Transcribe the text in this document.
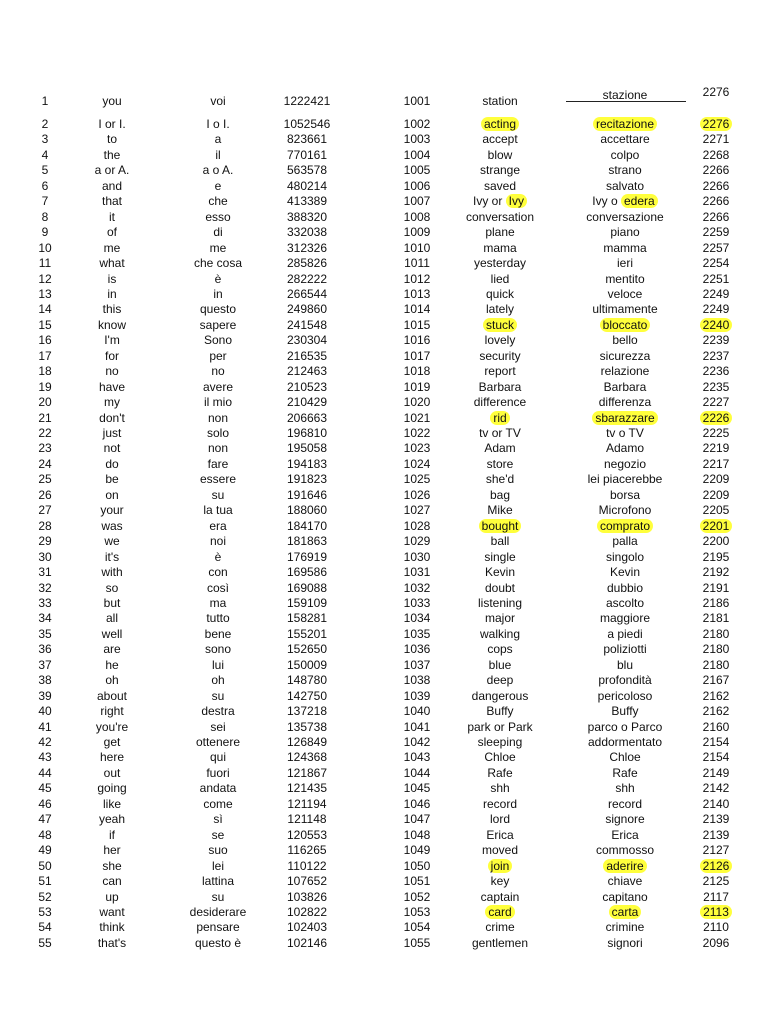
1	you	voi	1222421	1001	station	stazione	2276
2	I or I.	I o I.	1052546	1002	acting	recitazione	2276
3	to	a	823661	1003	accept	accettare	2271
4	the	il	770161	1004	blow	colpo	2268
5	a or A.	a o A.	563578	1005	strange	strano	2266
6	and	e	480214	1006	saved	salvato	2266
7	that	che	413389	1007	Ivy or Ivy	Ivy o edera	2266
8	it	esso	388320	1008	conversation	conversazione	2266
9	of	di	332038	1009	plane	piano	2259
10	me	me	312326	1010	mama	mamma	2257
11	what	che cosa	285826	1011	yesterday	ieri	2254
12	is	è	282222	1012	lied	mentito	2251
13	in	in	266544	1013	quick	veloce	2249
14	this	questo	249860	1014	lately	ultimamente	2249
15	know	sapere	241548	1015	stuck	bloccato	2240
16	I'm	Sono	230304	1016	lovely	bello	2239
17	for	per	216535	1017	security	sicurezza	2237
18	no	no	212463	1018	report	relazione	2236
19	have	avere	210523	1019	Barbara	Barbara	2235
20	my	il mio	210429	1020	difference	differenza	2227
21	don't	non	206663	1021	rid	sbarazzare	2226
22	just	solo	196810	1022	tv or TV	tv o TV	2225
23	not	non	195058	1023	Adam	Adamo	2219
24	do	fare	194183	1024	store	negozio	2217
25	be	essere	191823	1025	she'd	lei piacerebbe	2209
26	on	su	191646	1026	bag	borsa	2209
27	your	la tua	188060	1027	Mike	Microfono	2205
28	was	era	184170	1028	bought	comprato	2201
29	we	noi	181863	1029	ball	palla	2200
30	it's	è	176919	1030	single	singolo	2195
31	with	con	169586	1031	Kevin	Kevin	2192
32	so	così	169088	1032	doubt	dubbio	2191
33	but	ma	159109	1033	listening	ascolto	2186
34	all	tutto	158281	1034	major	maggiore	2181
35	well	bene	155201	1035	walking	a piedi	2180
36	are	sono	152650	1036	cops	poliziotti	2180
37	he	lui	150009	1037	blue	blu	2180
38	oh	oh	148780	1038	deep	profondità	2167
39	about	su	142750	1039	dangerous	pericoloso	2162
40	right	destra	137218	1040	Buffy	Buffy	2162
41	you're	sei	135738	1041	park or Park	parco o Parco	2160
42	get	ottenere	126849	1042	sleeping	addormentato	2154
43	here	qui	124368	1043	Chloe	Chloe	2154
44	out	fuori	121867	1044	Rafe	Rafe	2149
45	going	andata	121435	1045	shh	shh	2142
46	like	come	121194	1046	record	record	2140
47	yeah	sì	121148	1047	lord	signore	2139
48	if	se	120553	1048	Erica	Erica	2139
49	her	suo	116265	1049	moved	commosso	2127
50	she	lei	110122	1050	join	aderire	2126
51	can	lattina	107652	1051	key	chiave	2125
52	up	su	103826	1052	captain	capitano	2117
53	want	desiderare	102822	1053	card	carta	2113
54	think	pensare	102403	1054	crime	crimine	2110
55	that's	questo è	102146	1055	gentlemen	signori	2096
